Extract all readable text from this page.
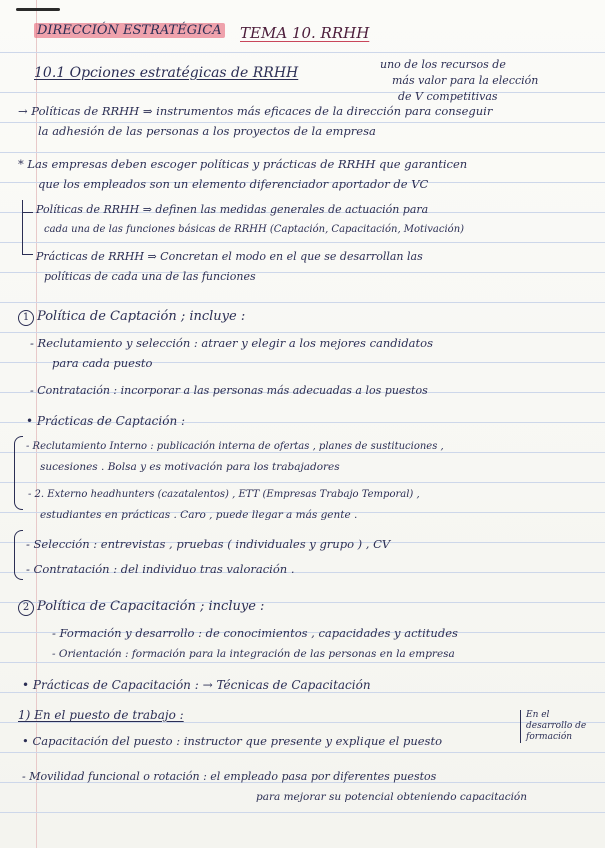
DIRECCIÓN ESTRATÉGICA TEMA 10. RRHH
uno de los recursos de
más valor para la elección
de V competitivas
10.1 Opciones estratégicas de RRHH
→ Políticas de RRHH ⇒ instrumentos más eficaces de la dirección para conseguir
la adhesión de las personas a los proyectos de la empresa
* Las empresas deben escoger políticas y prácticas de RRHH que garanticen
que los empleados son un elemento diferenciador aportador de VC
Políticas de RRHH ⇒ definen las medidas generales de actuación para
cada una de las funciones básicas de RRHH (Captación, Capacitación, Motivación)
Prácticas de RRHH ⇒ Concretan el modo en el que se desarrollan las
políticas de cada una de las funciones
1 Política de Captación ; incluye :
- Reclutamiento y selección : atraer y elegir a los mejores candidatos
para cada puesto
- Contratación : incorporar a las personas más adecuadas a los puestos
• Prácticas de Captación :
- Reclutamiento Interno : publicación interna de ofertas , planes de sustituciones ,
sucesiones . Bolsa y es motivación para los trabajadores
- 2. Externo headhunters (cazatalentos) , ETT (Empresas Trabajo Temporal) ,
estudiantes en prácticas . Caro , puede llegar a más gente .
- Selección : entrevistas , pruebas ( individuales y grupo ) , CV
- Contratación : del individuo tras valoración .
2 Política de Capacitación ; incluye :
- Formación y desarrollo : de conocimientos , capacidades y actitudes
- Orientación : formación para la integración de las personas en la empresa
• Prácticas de Capacitación : → Técnicas de Capacitación
1) En el puesto de trabajo :
• Capacitación del puesto : instructor que presente y explique el puesto
- Movilidad funcional o rotación : el empleado pasa por diferentes puestos
para mejorar su potencial obteniendo capacitación
En el desarrollo de formación
